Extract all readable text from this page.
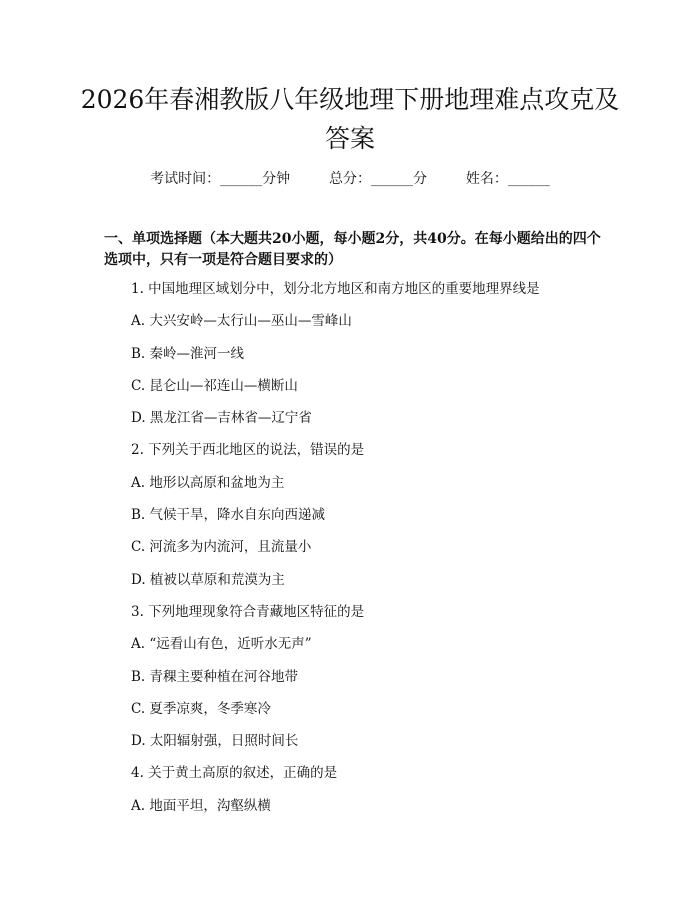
2026年春湘教版八年级地理下册地理难点攻克及答案
考试时间：______分钟	总分：______分	姓名：______
一、单项选择题（本大题共20小题，每小题2分，共40分。在每小题给出的四个选项中，只有一项是符合题目要求的）
1. 中国地理区域划分中，划分北方地区和南方地区的重要地理界线是
A. 大兴安岭—太行山—巫山—雪峰山
B. 秦岭—淮河一线
C. 昆仑山—祁连山—横断山
D. 黑龙江省—吉林省—辽宁省
2. 下列关于西北地区的说法，错误的是
A. 地形以高原和盆地为主
B. 气候干旱，降水自东向西递减
C. 河流多为内流河，且流量小
D. 植被以草原和荒漠为主
3. 下列地理现象符合青藏地区特征的是
A. “远看山有色，近听水无声”
B. 青稞主要种植在河谷地带
C. 夏季凉爽，冬季寒冷
D. 太阳辐射强，日照时间长
4. 关于黄土高原的叙述，正确的是
A. 地面平坦，沟壑纵横
